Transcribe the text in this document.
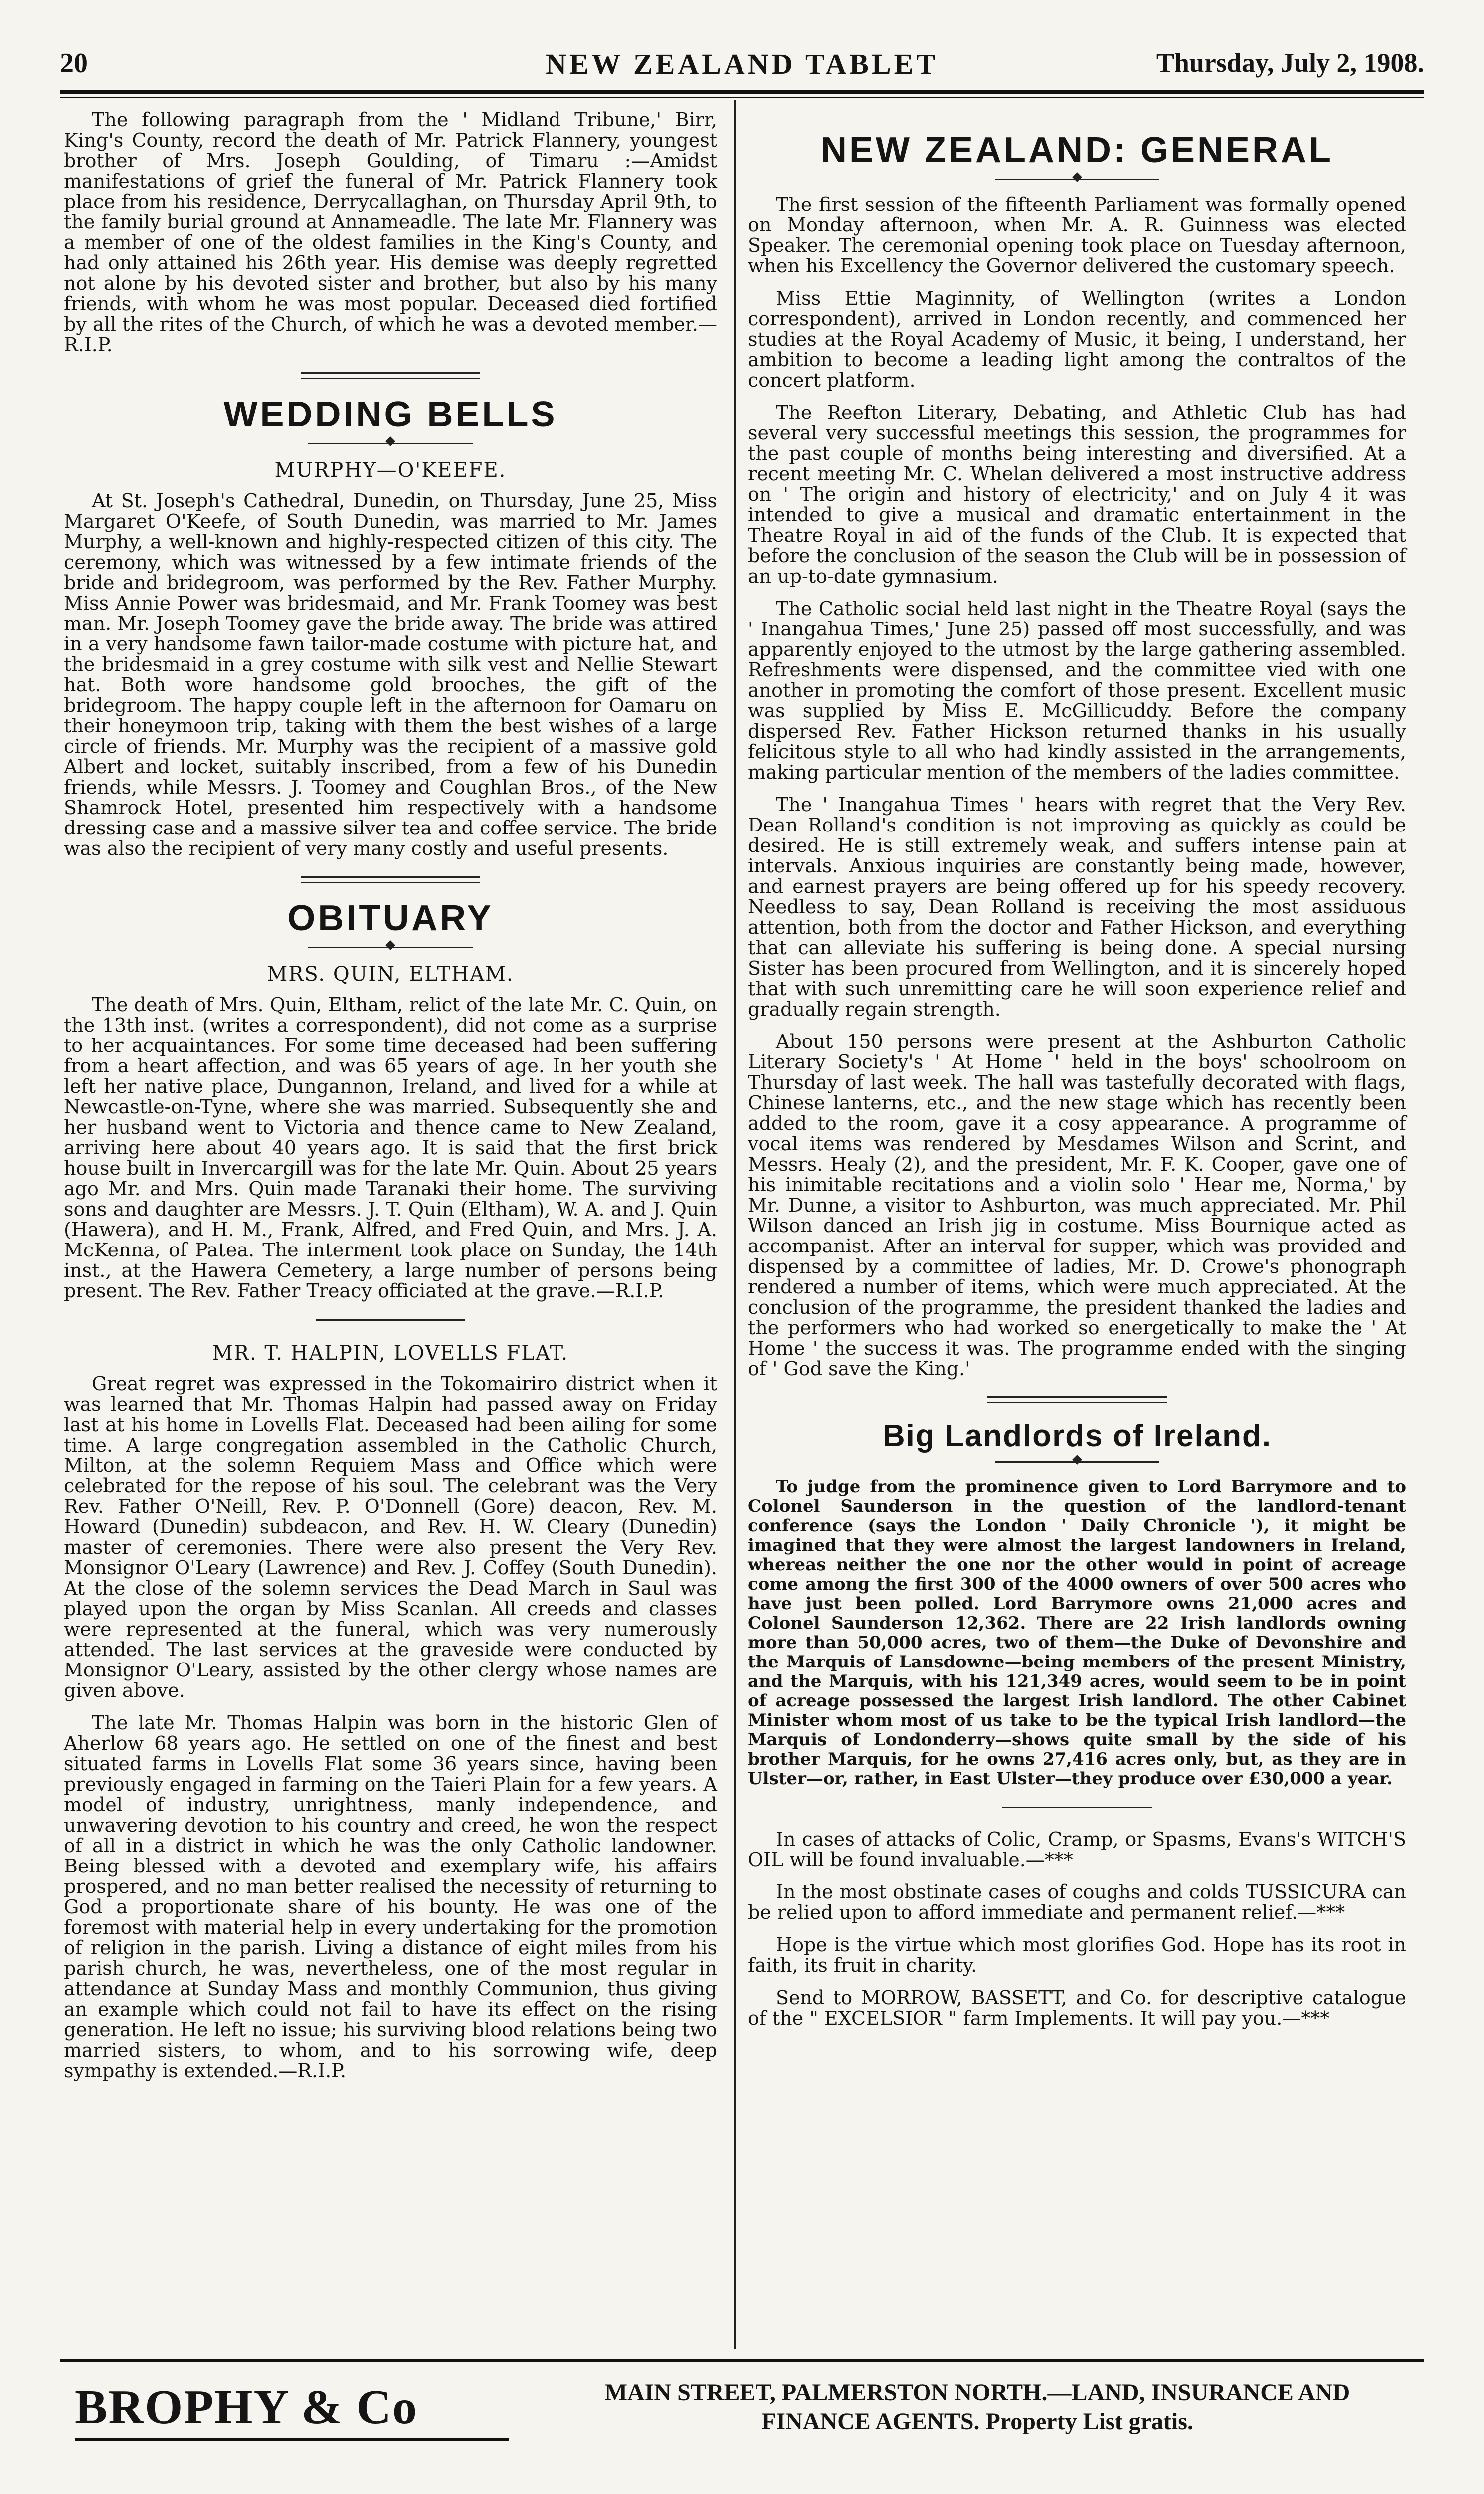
20	NEW ZEALAND TABLET	Thursday, July 2, 1908.

The following paragraph from the ' Midland Tribune,' Birr, King's County, record the death of Mr. Patrick Flannery, youngest brother of Mrs. Joseph Goulding, of Timaru :—Amidst manifestations of grief the funeral of Mr. Patrick Flannery took place from his residence, Derrycallaghan, on Thursday April 9th, to the family burial ground at Annameadle. The late Mr. Flannery was a member of one of the oldest families in the King's County, and had only attained his 26th year. His demise was deeply regretted not alone by his devoted sister and brother, but also by his many friends, with whom he was most popular. Deceased died fortified by all the rites of the Church, of which he was a devoted member.—R.I.P.

WEDDING BELLS
MURPHY—O'KEEFE.

At St. Joseph's Cathedral, Dunedin, on Thursday, June 25, Miss Margaret O'Keefe, of South Dunedin, was married to Mr. James Murphy, a well-known and highly-respected citizen of this city. The ceremony, which was witnessed by a few intimate friends of the bride and bridegroom, was performed by the Rev. Father Murphy. Miss Annie Power was bridesmaid, and Mr. Frank Toomey was best man. Mr. Joseph Toomey gave the bride away. The bride was attired in a very handsome fawn tailor-made costume with picture hat, and the bridesmaid in a grey costume with silk vest and Nellie Stewart hat. Both wore handsome gold brooches, the gift of the bridegroom. The happy couple left in the afternoon for Oamaru on their honeymoon trip, taking with them the best wishes of a large circle of friends. Mr. Murphy was the recipient of a massive gold Albert and locket, suitably inscribed, from a few of his Dunedin friends, while Messrs. J. Toomey and Coughlan Bros., of the New Shamrock Hotel, presented him respectively with a handsome dressing case and a massive silver tea and coffee service. The bride was also the recipient of very many costly and useful presents.

OBITUARY
MRS. QUIN, ELTHAM.

The death of Mrs. Quin, Eltham, relict of the late Mr. C. Quin, on the 13th inst. (writes a correspondent), did not come as a surprise to her acquaintances. For some time deceased had been suffering from a heart affection, and was 65 years of age. In her youth she left her native place, Dungannon, Ireland, and lived for a while at Newcastle-on-Tyne, where she was married. Subsequently she and her husband went to Victoria and thence came to New Zealand, arriving here about 40 years ago. It is said that the first brick house built in Invercargill was for the late Mr. Quin. About 25 years ago Mr. and Mrs. Quin made Taranaki their home. The surviving sons and daughter are Messrs. J. T. Quin (Eltham), W. A. and J. Quin (Hawera), and H. M., Frank, Alfred, and Fred Quin, and Mrs. J. A. McKenna, of Patea. The interment took place on Sunday, the 14th inst., at the Hawera Cemetery, a large number of persons being present. The Rev. Father Treacy officiated at the grave.—R.I.P.

MR. T. HALPIN, LOVELLS FLAT.

Great regret was expressed in the Tokomairiro district when it was learned that Mr. Thomas Halpin had passed away on Friday last at his home in Lovells Flat. Deceased had been ailing for some time. A large congregation assembled in the Catholic Church, Milton, at the solemn Requiem Mass and Office which were celebrated for the repose of his soul. The celebrant was the Very Rev. Father O'Neill, Rev. P. O'Donnell (Gore) deacon, Rev. M. Howard (Dunedin) subdeacon, and Rev. H. W. Cleary (Dunedin) master of ceremonies. There were also present the Very Rev. Monsignor O'Leary (Lawrence) and Rev. J. Coffey (South Dunedin). At the close of the solemn services the Dead March in Saul was played upon the organ by Miss Scanlan. All creeds and classes were represented at the funeral, which was very numerously attended. The last services at the graveside were conducted by Monsignor O'Leary, assisted by the other clergy whose names are given above.

The late Mr. Thomas Halpin was born in the historic Glen of Aherlow 68 years ago. He settled on one of the finest and best situated farms in Lovells Flat some 36 years since, having been previously engaged in farming on the Taieri Plain for a few years. A model of industry, unrightness, manly independence, and unwavering devotion to his country and creed, he won the respect of all in a district in which he was the only Catholic landowner. Being blessed with a devoted and exemplary wife, his affairs prospered, and no man better realised the necessity of returning to God a proportionate share of his bounty. He was one of the foremost with material help in every undertaking for the promotion of religion in the parish. Living a distance of eight miles from his parish church, he was, nevertheless, one of the most regular in attendance at Sunday Mass and monthly Communion, thus giving an example which could not fail to have its effect on the rising generation. He left no issue; his surviving blood relations being two married sisters, to whom, and to his sorrowing wife, deep sympathy is extended.—R.I.P.

NEW ZEALAND: GENERAL

The first session of the fifteenth Parliament was formally opened on Monday afternoon, when Mr. A. R. Guinness was elected Speaker. The ceremonial opening took place on Tuesday afternoon, when his Excellency the Governor delivered the customary speech.

Miss Ettie Maginnity, of Wellington (writes a London correspondent), arrived in London recently, and commenced her studies at the Royal Academy of Music, it being, I understand, her ambition to become a leading light among the contraltos of the concert platform.

The Reefton Literary, Debating, and Athletic Club has had several very successful meetings this session, the programmes for the past couple of months being interesting and diversified. At a recent meeting Mr. C. Whelan delivered a most instructive address on ' The origin and history of electricity,' and on July 4 it was intended to give a musical and dramatic entertainment in the Theatre Royal in aid of the funds of the Club. It is expected that before the conclusion of the season the Club will be in possession of an up-to-date gymnasium.

The Catholic social held last night in the Theatre Royal (says the ' Inangahua Times,' June 25) passed off most successfully, and was apparently enjoyed to the utmost by the large gathering assembled. Refreshments were dispensed, and the committee vied with one another in promoting the comfort of those present. Excellent music was supplied by Miss E. McGillicuddy. Before the company dispersed Rev. Father Hickson returned thanks in his usually felicitous style to all who had kindly assisted in the arrangements, making particular mention of the members of the ladies committee.

The ' Inangahua Times ' hears with regret that the Very Rev. Dean Rolland's condition is not improving as quickly as could be desired. He is still extremely weak, and suffers intense pain at intervals. Anxious inquiries are constantly being made, however, and earnest prayers are being offered up for his speedy recovery. Needless to say, Dean Rolland is receiving the most assiduous attention, both from the doctor and Father Hickson, and everything that can alleviate his suffering is being done. A special nursing Sister has been procured from Wellington, and it is sincerely hoped that with such unremitting care he will soon experience relief and gradually regain strength.

About 150 persons were present at the Ashburton Catholic Literary Society's ' At Home ' held in the boys' schoolroom on Thursday of last week. The hall was tastefully decorated with flags, Chinese lanterns, etc., and the new stage which has recently been added to the room, gave it a cosy appearance. A programme of vocal items was rendered by Mesdames Wilson and Scrint, and Messrs. Healy (2), and the president, Mr. F. K. Cooper, gave one of his inimitable recitations and a violin solo ' Hear me, Norma,' by Mr. Dunne, a visitor to Ashburton, was much appreciated. Mr. Phil Wilson danced an Irish jig in costume. Miss Bournique acted as accompanist. After an interval for supper, which was provided and dispensed by a committee of ladies, Mr. D. Crowe's phonograph rendered a number of items, which were much appreciated. At the conclusion of the programme, the president thanked the ladies and the performers who had worked so energetically to make the ' At Home ' the success it was. The programme ended with the singing of ' God save the King.'

Big Landlords of Ireland.

To judge from the prominence given to Lord Barrymore and to Colonel Saunderson in the question of the landlord-tenant conference (says the London ' Daily Chronicle '), it might be imagined that they were almost the largest landowners in Ireland, whereas neither the one nor the other would in point of acreage come among the first 300 of the 4000 owners of over 500 acres who have just been polled. Lord Barrymore owns 21,000 acres and Colonel Saunderson 12,362. There are 22 Irish landlords owning more than 50,000 acres, two of them—the Duke of Devonshire and the Marquis of Lansdowne—being members of the present Ministry, and the Marquis, with his 121,349 acres, would seem to be in point of acreage possessed the largest Irish landlord. The other Cabinet Minister whom most of us take to be the typical Irish landlord—the Marquis of Londonderry—shows quite small by the side of his brother Marquis, for he owns 27,416 acres only, but, as they are in Ulster—or, rather, in East Ulster—they produce over £30,000 a year.

In cases of attacks of Colic, Cramp, or Spasms, Evans's WITCH'S OIL will be found invaluable.—***

In the most obstinate cases of coughs and colds TUSSICURA can be relied upon to afford immediate and permanent relief.—***

Hope is the virtue which most glorifies God. Hope has its root in faith, its fruit in charity.

Send to MORROW, BASSETT, and Co. for descriptive catalogue of the " EXCELSIOR " farm Implements. It will pay you.—***

BROPHY & Co	MAIN STREET, PALMERSTON NORTH.—LAND, INSURANCE AND
FINANCE AGENTS. Property List gratis.
